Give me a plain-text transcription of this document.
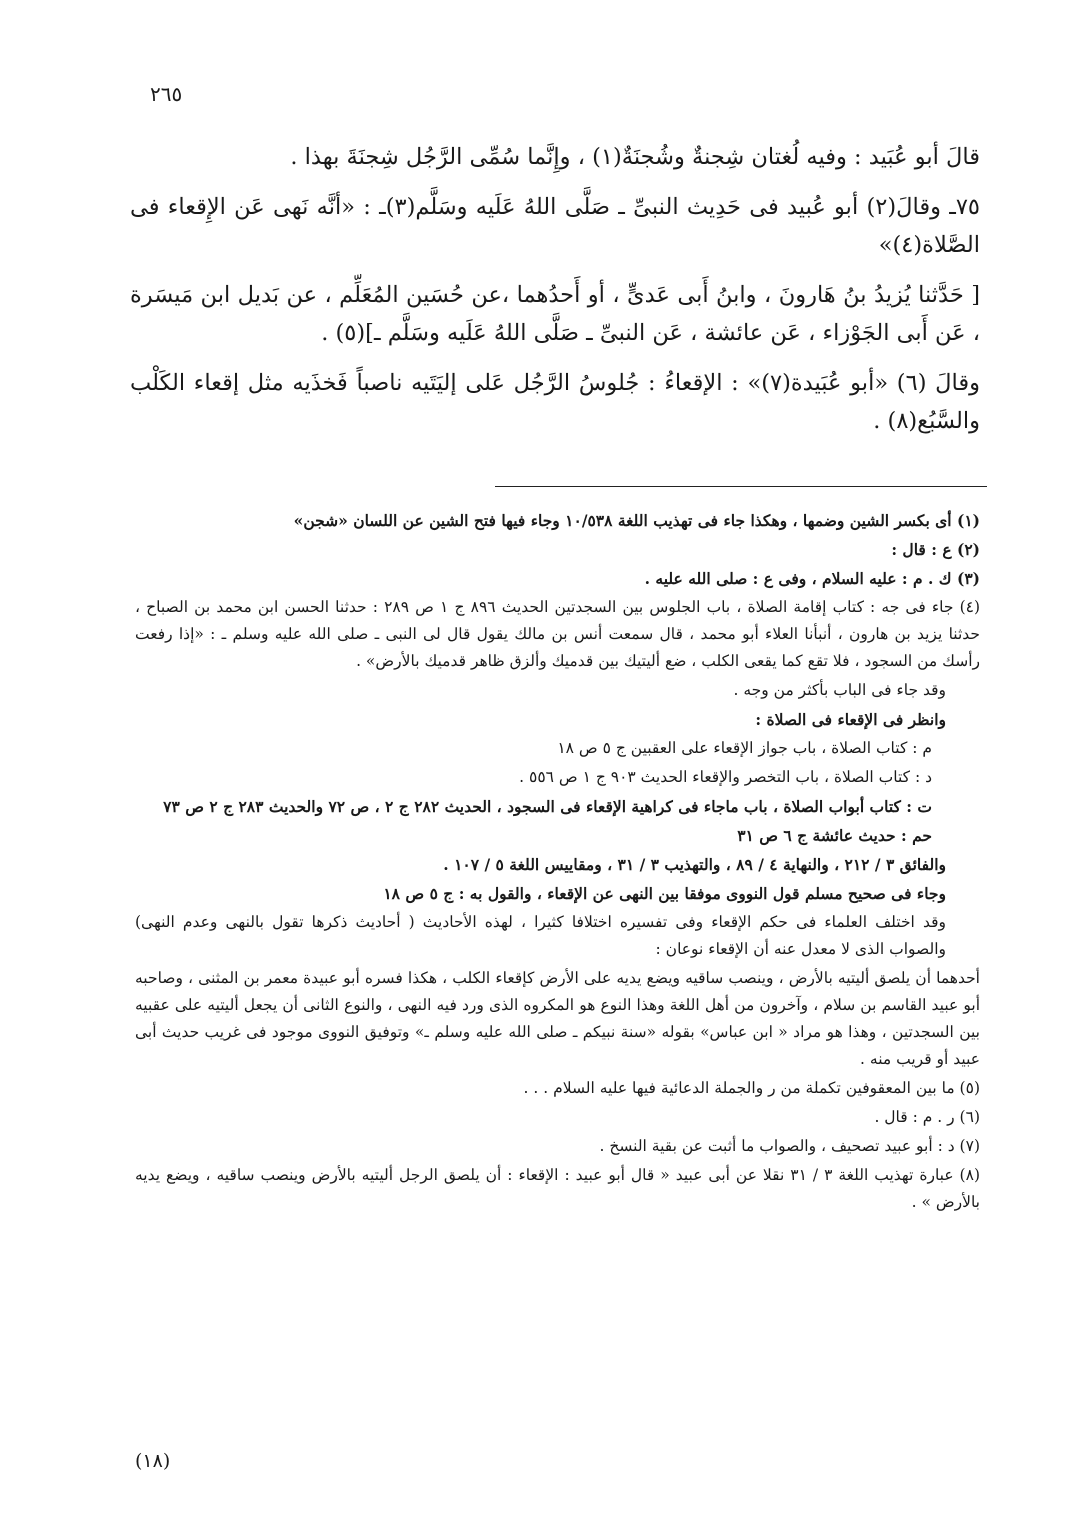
٢٦٥

قالَ أبو عُبَيد : وفيه لُغتان شِجنةٌ وشُجنَةٌ(١) ، وإِنَّما سُمِّى الرَّجُل شِجنَةَ بهذا .

٧٥ـ وقالَ(٢) أبو عُبيد فى حَدِيث النبىِّ ـ صَلَّى اللهُ عَلَيه وسَلَّم(٣)ـ : «أنَّه نَهى عَن الإِقعاء فى الصَّلاة(٤)»

[ حَدَّثنا يُزيدُ بنُ هَارونَ ، وابنُ أَبى عَدىٍّ ، أو أَحدُهما ،عن حُسَين المُعَلِّم ، عن بَديل ابن مَيسَرة ، عَن أَبى الجَوْزاء ، عَن عائشة ، عَن النبىِّ ـ صَلَّى اللهُ عَلَيه وسَلَّم ـ](٥) .

وقالَ (٦) «أبو عُبَيدة(٧)» : الإقعاءُ : جُلوسُ الرَّجُل عَلى إليَتَيه ناصباً فَخذَيه مثل إقعاء الكَلْب والسَّبُع(٨) .

(١) أى بكسر الشين وضمها ، وهكذا جاء فى تهذيب اللغة ١٠/٥٣٨ وجاء فيها فتح الشين عن اللسان «شجن»

(٢) ع : قال :

(٣) ك . م : عليه السلام ، وفى ع : صلى الله عليه .

(٤) جاء فى جه : كتاب إقامة الصلاة ، باب الجلوس بين السجدتين الحديث ٨٩٦ ج ١ ص ٢٨٩ : حدثنا الحسن ابن محمد بن الصباح ، حدثنا يزيد بن هارون ، أنبأنا العلاء أبو محمد ، قال سمعت أنس بن مالك يقول قال لى النبى ـ صلى الله عليه وسلم ـ : «إذا رفعت رأسك من السجود ، فلا تقع كما يقعى الكلب ، ضع أليتيك بين قدميك وألزق ظاهر قدميك بالأرض» .

وقد جاء فى الباب بأكثر من وجه .

وانظر فى الإقعاء فى الصلاة :

م : كتاب الصلاة ، باب جواز الإقعاء على العقبين ج ٥ ص ١٨

د : كتاب الصلاة ، باب التخصر والإقعاء الحديث ٩٠٣ ج ١ ص ٥٥٦ .

ت : كتاب أبواب الصلاة ، باب ماجاء فى كراهية الإقعاء فى السجود ، الحديث ٢٨٢ ج ٢ ، ص ٧٢ والحديث ٢٨٣ ج ٢ ص ٧٣

حم : حديث عائشة ج ٦ ص ٣١

والفائق ٣ / ٢١٢ ، والنهاية ٤ / ٨٩ ، والتهذيب ٣ / ٣١ ، ومقاييس اللغة ٥ / ١٠٧ .

وجاء فى صحيح مسلم قول النووى موفقا بين النهى عن الإقعاء ، والقول به : ج ٥ ص ١٨

وقد اختلف العلماء فى حكم الإقعاء وفى تفسيره اختلافا كثيرا ، لهذه الأحاديث ( أحاديث ذكرها تقول بالنهى وعدم النهى) والصواب الذى لا معدل عنه أن الإقعاء نوعان :

أحدهما أن يلصق أليتيه بالأرض ، وينصب ساقيه ويضع يديه على الأرض كإقعاء الكلب ، هكذا فسره أبو عبيدة معمر بن المثنى ، وصاحبه أبو عبيد القاسم بن سلام ، وآخرون من أهل اللغة وهذا النوع هو المكروه الذى ورد فيه النهى ، والنوع الثانى أن يجعل أليتيه على عقبيه بين السجدتين ، وهذا هو مراد « ابن عباس» بقوله «سنة نبيكم ـ صلى الله عليه وسلم ـ» وتوفيق النووى موجود فى غريب حديث أبى عبيد أو قريب منه .

(٥) ما بين المعقوفين تكملة من ر والجملة الدعائية فيها عليه السلام . . .

(٦) ر . م : قال .

(٧) د : أبو عبيد تصحيف ، والصواب ما أثبت عن بقية النسخ .

(٨) عبارة تهذيب اللغة ٣ / ٣١ نقلا عن أبى عبيد « قال أبو عبيد : الإقعاء : أن يلصق الرجل أليتيه بالأرض وينصب ساقيه ، ويضع يديه بالأرض » .

(١٨)
